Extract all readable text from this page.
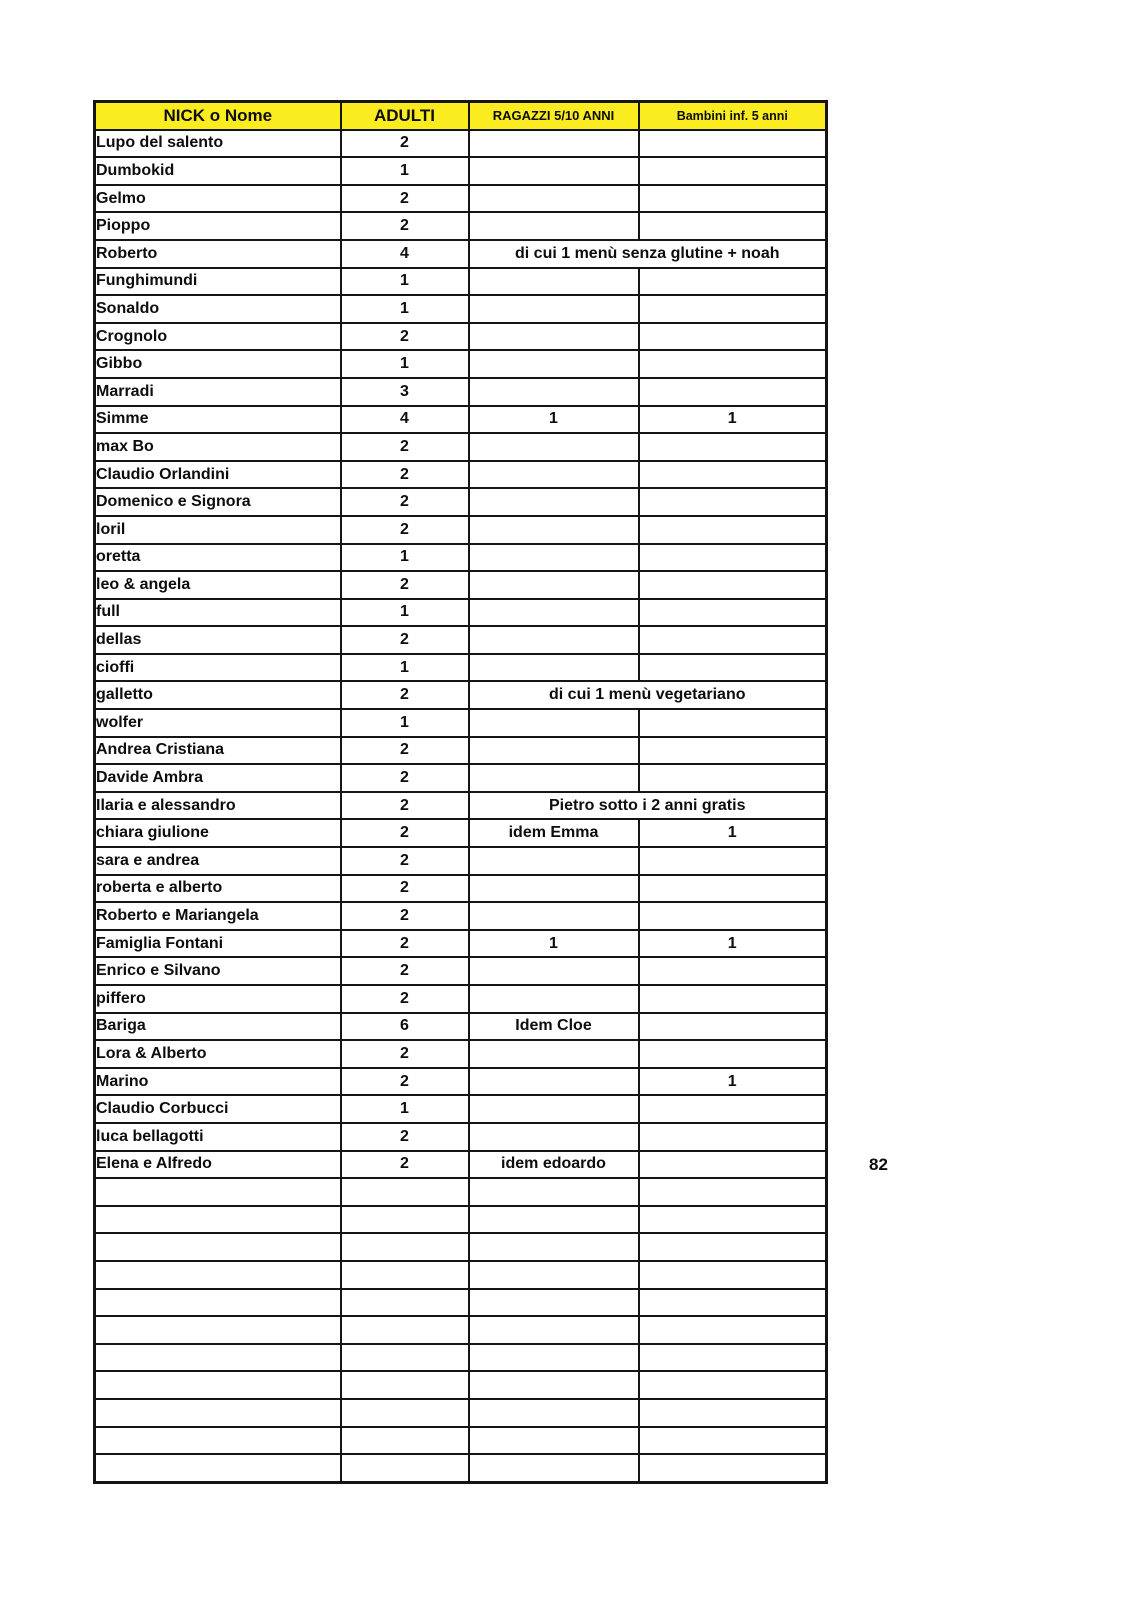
NICK o Nome	ADULTI	RAGAZZI 5/10 ANNI	Bambini inf. 5 anni
Lupo del salento	2		
Dumbokid	1		
Gelmo	2		
Pioppo	2		
Roberto	4	di cui 1 menù senza glutine + noah	
Funghimundi	1		
Sonaldo	1		
Crognolo	2		
Gibbo	1		
Marradi	3		
Simme	4	1	1
max Bo	2		
Claudio Orlandini	2		
Domenico e Signora	2		
loril	2		
oretta	1		
leo & angela	2		
full	1		
dellas	2		
cioffi	1		
galletto	2	di cui 1 menù vegetariano	
wolfer	1		
Andrea Cristiana	2		
Davide Ambra	2		
Ilaria e alessandro	2	Pietro sotto i 2 anni gratis	
chiara giulione	2	idem Emma	1
sara e andrea	2		
roberta e alberto	2		
Roberto e Mariangela	2		
Famiglia Fontani	2	1	1
Enrico e Silvano	2		
piffero	2		
Bariga	6	Idem Cloe	
Lora & Alberto	2		
Marino	2		1
Claudio Corbucci	1		
luca bellagotti	2		
Elena e Alfredo	2	idem edoardo	

				82
